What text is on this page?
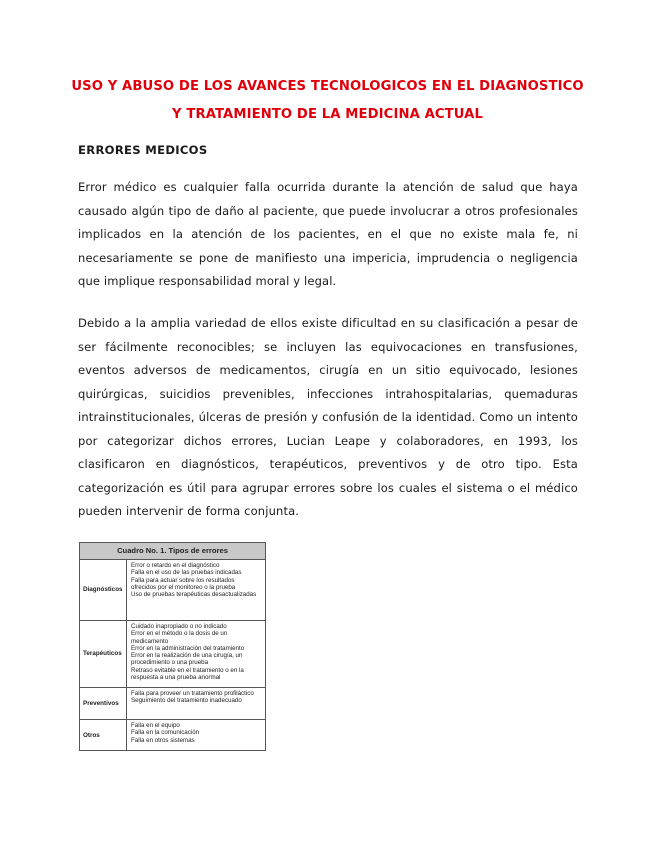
USO Y ABUSO DE LOS AVANCES TECNOLOGICOS EN EL DIAGNOSTICO
Y TRATAMIENTO DE LA MEDICINA ACTUAL
ERRORES MEDICOS

Error médico es cualquier falla ocurrida durante la atención de salud que haya causado algún tipo de daño al paciente, que puede involucrar a otros profesionales implicados en la atención de los pacientes, en el que no existe mala fe, ni necesariamente se pone de manifiesto una impericia, imprudencia o negligencia que implique responsabilidad moral y legal.

Debido a la amplia variedad de ellos existe dificultad en su clasificación a pesar de ser fácilmente reconocibles; se incluyen las equivocaciones en transfusiones, eventos adversos de medicamentos, cirugía en un sitio equivocado, lesiones quirúrgicas, suicidios prevenibles, infecciones intrahospitalarias, quemaduras intrainstitucionales, úlceras de presión y confusión de la identidad. Como un intento por categorizar dichos errores, Lucian Leape y colaboradores, en 1993, los clasificaron en diagnósticos, terapéuticos, preventivos y de otro tipo. Esta categorización es útil para agrupar errores sobre los cuales el sistema o el médico pueden intervenir de forma conjunta.

Cuadro No. 1. Tipos de errores
Diagnósticos
Error o retardo en el diagnóstico
Falla en el uso de las pruebas indicadas
Falla para actuar sobre los resultados ofrecidos por el monitoreo o la prueba
Uso de pruebas terapéuticas desactualizadas
Terapéuticos
Cuidado inapropiado o no indicado
Error en el método o la dosis de un medicamento
Error en la administración del tratamiento
Error en la realización de una cirugía, un procedimiento o una prueba
Retraso evitable en el tratamiento o en la respuesta a una prueba anormal
Preventivos
Falla para proveer un tratamiento profiláctico
Seguimiento del tratamiento inadecuado
Otros
Falla en el equipo
Falla en la comunicación
Falla en otros sistemas
